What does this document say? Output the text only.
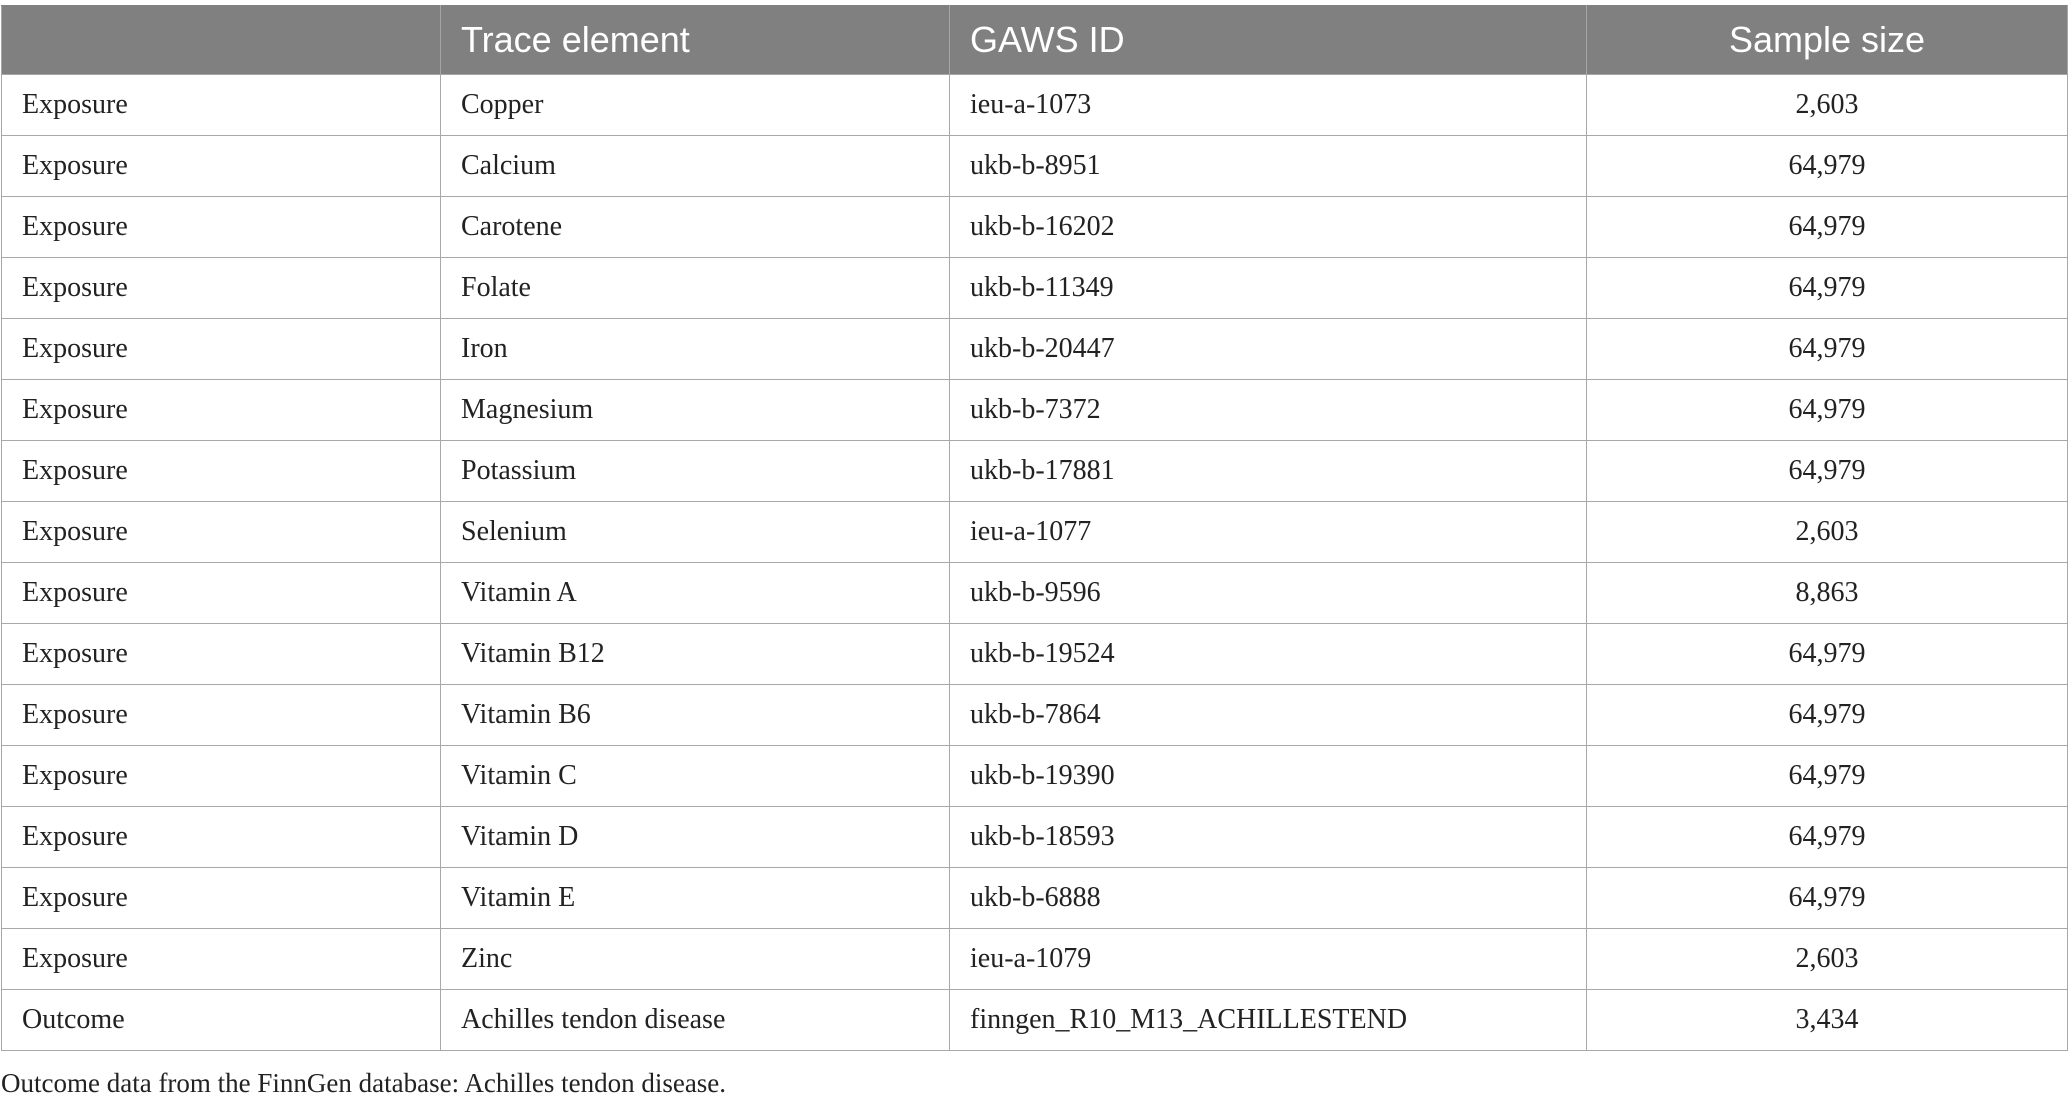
	Trace element	GAWS ID	Sample size
Exposure	Copper	ieu-a-1073	2,603
Exposure	Calcium	ukb-b-8951	64,979
Exposure	Carotene	ukb-b-16202	64,979
Exposure	Folate	ukb-b-11349	64,979
Exposure	Iron	ukb-b-20447	64,979
Exposure	Magnesium	ukb-b-7372	64,979
Exposure	Potassium	ukb-b-17881	64,979
Exposure	Selenium	ieu-a-1077	2,603
Exposure	Vitamin A	ukb-b-9596	8,863
Exposure	Vitamin B12	ukb-b-19524	64,979
Exposure	Vitamin B6	ukb-b-7864	64,979
Exposure	Vitamin C	ukb-b-19390	64,979
Exposure	Vitamin D	ukb-b-18593	64,979
Exposure	Vitamin E	ukb-b-6888	64,979
Exposure	Zinc	ieu-a-1079	2,603
Outcome	Achilles tendon disease	finngen_R10_M13_ACHILLESTEND	3,434
Outcome data from the FinnGen database: Achilles tendon disease.
